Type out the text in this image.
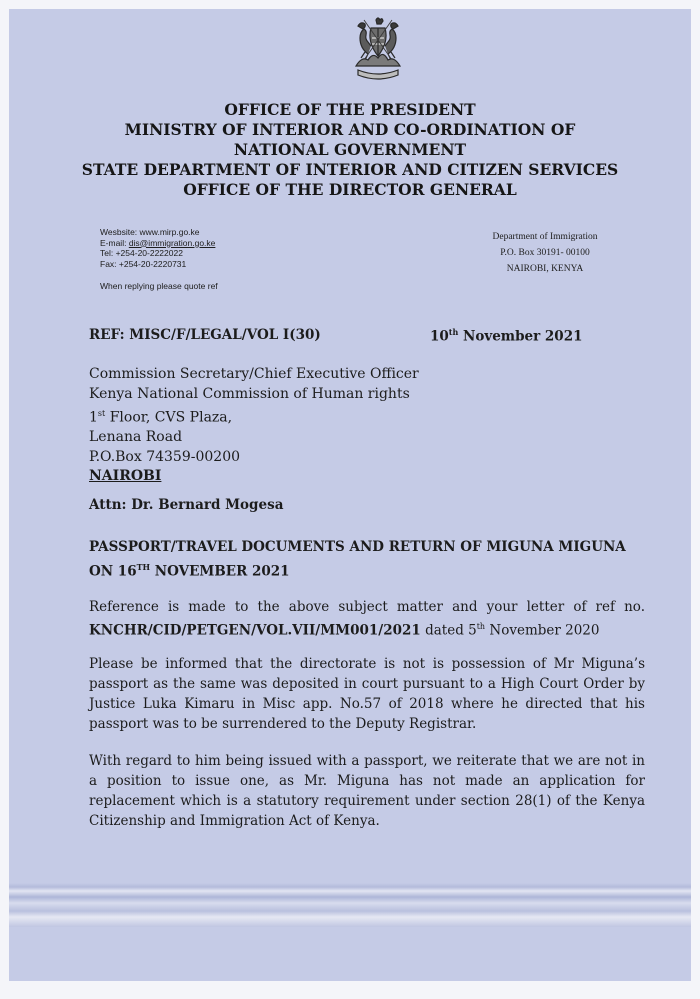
OFFICE OF THE PRESIDENT
MINISTRY OF INTERIOR AND CO-ORDINATION OF
NATIONAL GOVERNMENT
STATE DEPARTMENT OF INTERIOR AND CITIZEN SERVICES
OFFICE OF THE DIRECTOR GENERAL
Wesbsite: www.mirp.go.ke
E-mail: dis@immigration.go.ke
Tel: +254-20-2222022
Fax: +254-20-2220731
When replying please quote ref
Department of Immigration
P.O. Box 30191- 00100
NAIROBI, KENYA
REF: MISC/F/LEGAL/VOL I(30)	10th November 2021
Commission Secretary/Chief Executive Officer
Kenya National Commission of Human rights
1st Floor, CVS Plaza,
Lenana Road
P.O.Box 74359-00200
NAIROBI
Attn: Dr. Bernard Mogesa
PASSPORT/TRAVEL DOCUMENTS AND RETURN OF MIGUNA MIGUNA ON 16TH NOVEMBER 2021
Reference is made to the above subject matter and your letter of ref no. KNCHR/CID/PETGEN/VOL.VII/MM001/2021 dated 5th November 2020
Please be informed that the directorate is not is possession of Mr Miguna’s passport as the same was deposited in court pursuant to a High Court Order by Justice Luka Kimaru in Misc app. No.57 of 2018 where he directed that his passport was to be surrendered to the Deputy Registrar.
With regard to him being issued with a passport, we reiterate that we are not in a position to issue one, as Mr. Miguna has not made an application for replacement which is a statutory requirement under section 28(1) of the Kenya Citizenship and Immigration Act of Kenya.
